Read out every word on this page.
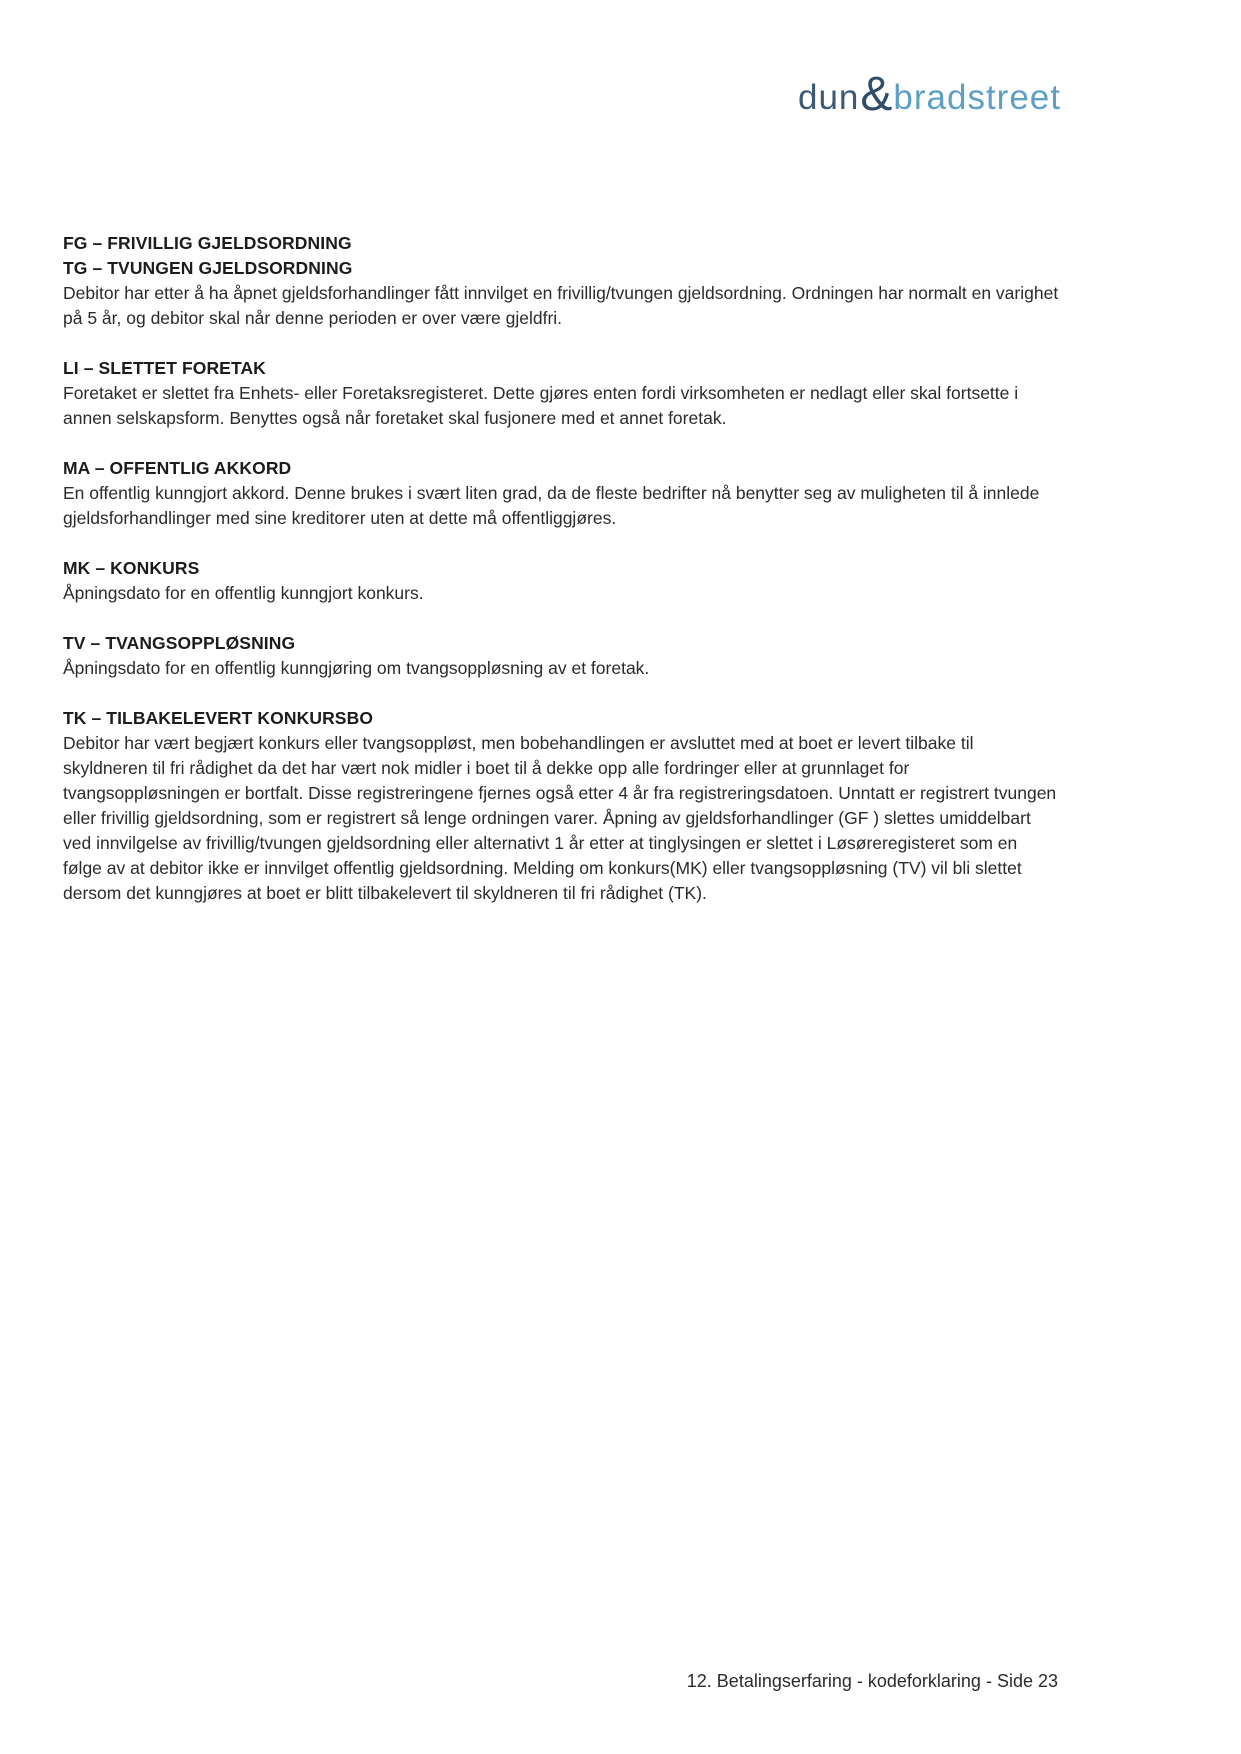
dun & bradstreet
FG – FRIVILLIG GJELDSORDNING
TG – TVUNGEN GJELDSORDNING

Debitor har etter å ha åpnet gjeldsforhandlinger fått innvilget en frivillig/tvungen gjeldsordning. Ordningen har normalt en varighet på 5 år, og debitor skal når denne perioden er over være gjeldfri.

LI – SLETTET FORETAK

Foretaket er slettet fra Enhets- eller Foretaksregisteret. Dette gjøres enten fordi virksomheten er nedlagt eller skal fortsette i annen selskapsform. Benyttes også når foretaket skal fusjonere med et annet foretak.

MA – OFFENTLIG AKKORD

En offentlig kunngjort akkord. Denne brukes i svært liten grad, da de fleste bedrifter nå benytter seg av muligheten til å innlede gjeldsforhandlinger med sine kreditorer uten at dette må offentliggjøres.

MK – KONKURS

Åpningsdato for en offentlig kunngjort konkurs.

TV – TVANGSOPPLØSNING

Åpningsdato for en offentlig kunngjøring om tvangsoppløsning av et foretak.

TK – TILBAKELEVERT KONKURSBO

Debitor har vært begjært konkurs eller tvangsoppløst, men bobehandlingen er avsluttet med at boet er levert tilbake til skyldneren til fri rådighet da det har vært nok midler i boet til å dekke opp alle fordringer eller at grunnlaget for tvangsoppløsningen er bortfalt. Disse registreringene fjernes også etter 4 år fra registreringsdatoen. Unntatt er registrert tvungen eller frivillig gjeldsordning, som er registrert så lenge ordningen varer. Åpning av gjeldsforhandlinger (GF ) slettes umiddelbart ved innvilgelse av frivillig/tvungen gjeldsordning eller alternativt 1 år etter at tinglysingen er slettet i Løsøreregisteret som en følge av at debitor ikke er innvilget offentlig gjeldsordning. Melding om konkurs(MK) eller tvangsoppløsning (TV) vil bli slettet dersom det kunngjøres at boet er blitt tilbakelevert til skyldneren til fri rådighet (TK).

12. Betalingserfaring - kodeforklaring - Side 23
